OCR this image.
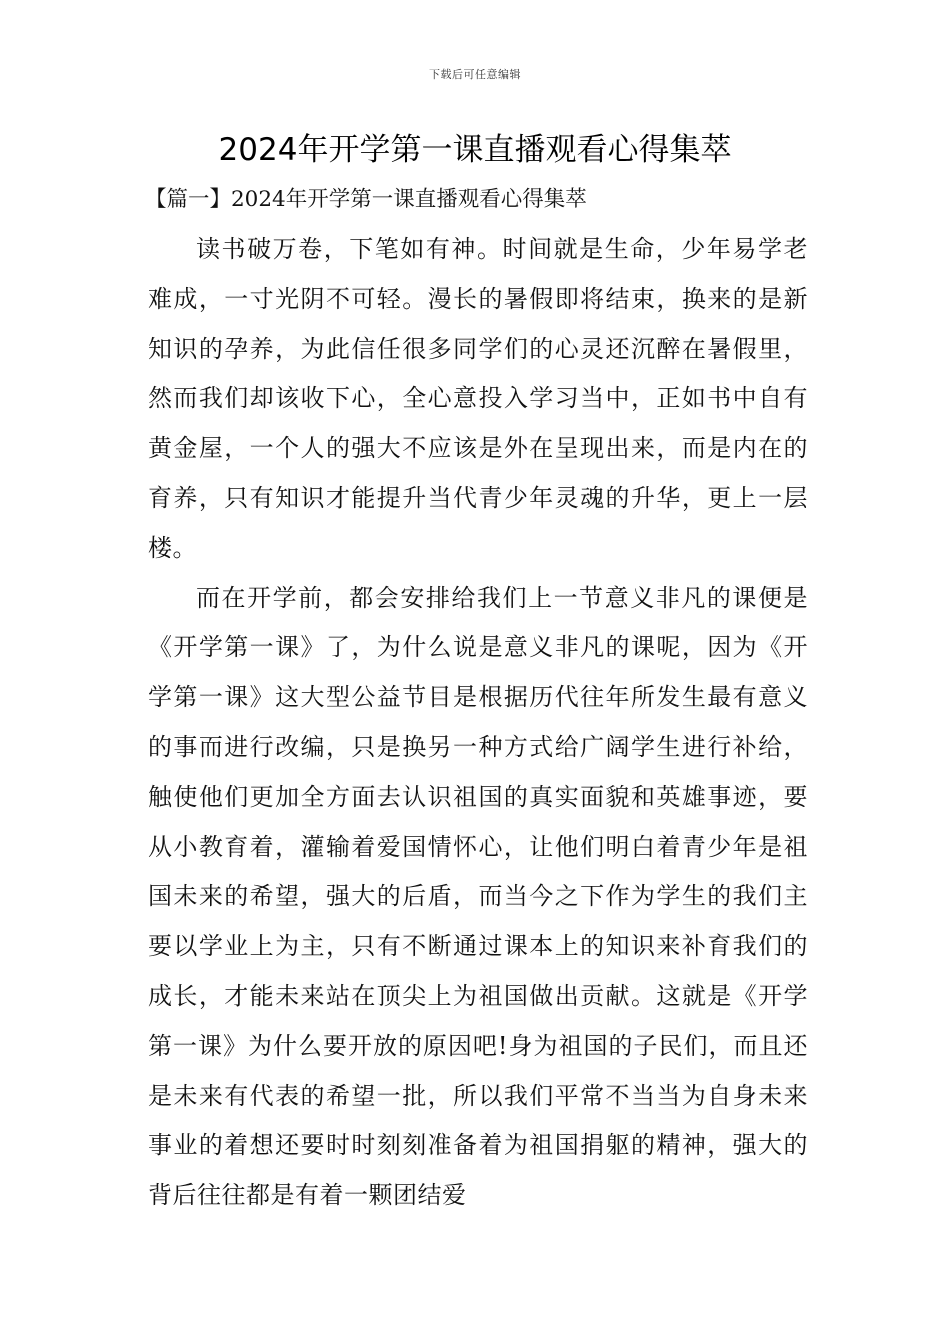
下载后可任意编辑
2024年开学第一课直播观看心得集萃
【篇一】2024年开学第一课直播观看心得集萃

读书破万卷，下笔如有神。时间就是生命，少年易学老难成，一寸光阴不可轻。漫长的暑假即将结束，换来的是新知识的孕养，为此信任很多同学们的心灵还沉醉在暑假里，然而我们却该收下心，全心意投入学习当中，正如书中自有黄金屋，一个人的强大不应该是外在呈现出来，而是内在的育养，只有知识才能提升当代青少年灵魂的升华，更上一层楼。

而在开学前，都会安排给我们上一节意义非凡的课便是《开学第一课》了，为什么说是意义非凡的课呢，因为《开学第一课》这大型公益节目是根据历代往年所发生最有意义的事而进行改编，只是换另一种方式给广阔学生进行补给，触使他们更加全方面去认识祖国的真实面貌和英雄事迹，要从小教育着，灌输着爱国情怀心，让他们明白着青少年是祖国未来的希望，强大的后盾，而当今之下作为学生的我们主要以学业上为主，只有不断通过课本上的知识来补育我们的成长，才能未来站在顶尖上为祖国做出贡献。这就是《开学第一课》为什么要开放的原因吧!身为祖国的子民们，而且还是未来有代表的希望一批，所以我们平常不当当为自身未来事业的着想还要时时刻刻准备着为祖国捐躯的精神，强大的背后往往都是有着一颗团结爱
